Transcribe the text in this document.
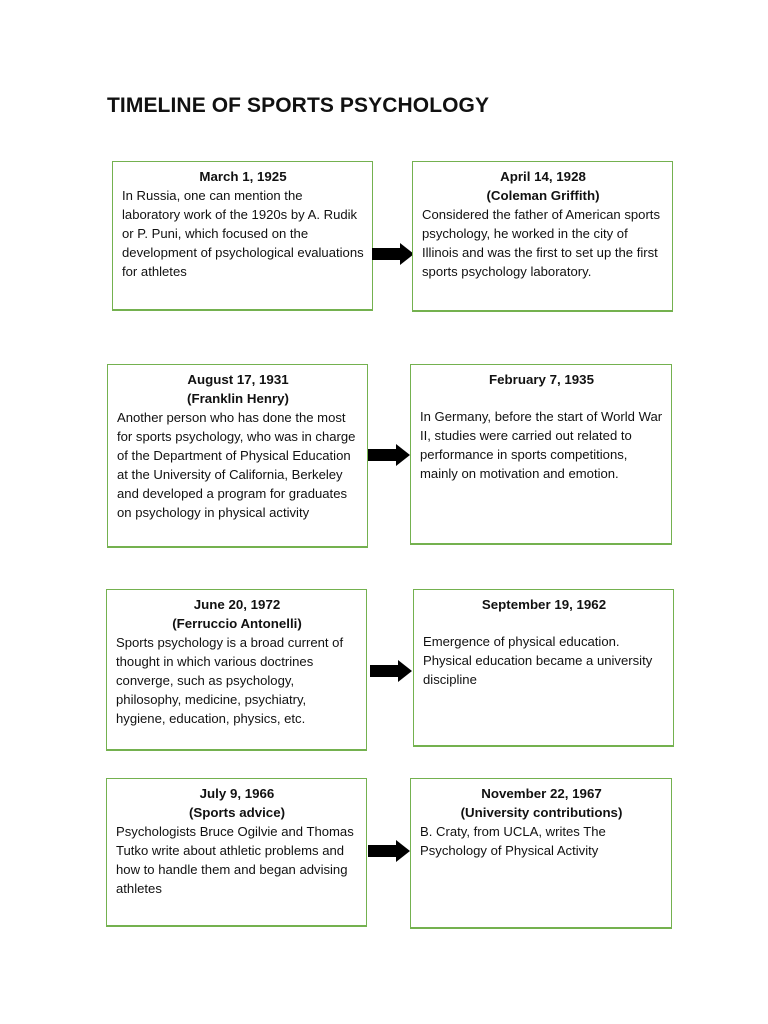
TIMELINE OF SPORTS PSYCHOLOGY
March 1, 1925

In Russia, one can mention the laboratory work of the 1920s by A. Rudik or P. Puni, which focused on the development of psychological evaluations for athletes

April 14, 1928
(Coleman Griffith)

Considered the father of American sports psychology, he worked in the city of Illinois and was the first to set up the first sports psychology laboratory.

August 17, 1931
(Franklin Henry)

Another person who has done the most for sports psychology, who was in charge of the Department of Physical Education at the University of California, Berkeley and developed a program for graduates on psychology in physical activity

February 7, 1935

In Germany, before the start of World War II, studies were carried out related to performance in sports competitions, mainly on motivation and emotion.

June 20, 1972
(Ferruccio Antonelli)

Sports psychology is a broad current of thought in which various doctrines converge, such as psychology, philosophy, medicine, psychiatry, hygiene, education, physics, etc.

September 19, 1962

Emergence of physical education. Physical education became a university discipline

July 9, 1966
(Sports advice)

Psychologists Bruce Ogilvie and Thomas Tutko write about athletic problems and how to handle them and began advising athletes

November 22, 1967
(University contributions)

B. Craty, from UCLA, writes The Psychology of Physical Activity
